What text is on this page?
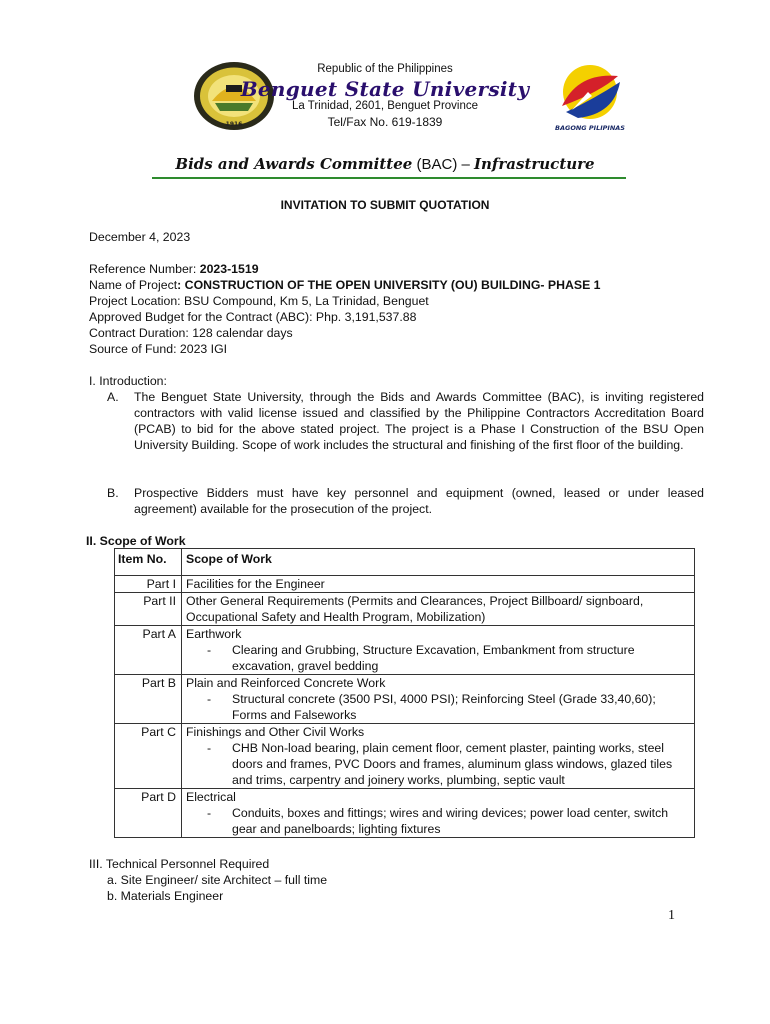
1916
Republic of the Philippines
Benguet State University
La Trinidad, 2601, Benguet Province
Tel/Fax No. 619-1839	BAGONG PILIPINAS
Bids and Awards Committee (BAC) – Infrastructure
INVITATION TO SUBMIT QUOTATION
December 4, 2023
Reference Number: 2023-1519
Name of Project: CONSTRUCTION OF THE OPEN UNIVERSITY (OU) BUILDING- PHASE 1
Project Location: BSU Compound, Km 5, La Trinidad, Benguet
Approved Budget for the Contract (ABC): Php. 3,191,537.88
Contract Duration: 128 calendar days
Source of Fund: 2023 IGI
I. Introduction:
A. The Benguet State University, through the Bids and Awards Committee (BAC), is inviting registered contractors with valid license issued and classified by the Philippine Contractors Accreditation Board (PCAB) to bid for the above stated project. The project is a Phase I Construction of the BSU Open University Building. Scope of work includes the structural and finishing of the first floor of the building.
B. Prospective Bidders must have key personnel and equipment (owned, leased or under leased agreement) available for the prosecution of the project.
II. Scope of Work
Item No.	Scope of Work
Part I	Facilities for the Engineer
Part II	Other General Requirements (Permits and Clearances, Project Billboard/ signboard, Occupational Safety and Health Program, Mobilization)
Part A	Earthwork
- Clearing and Grubbing, Structure Excavation, Embankment from structure excavation, gravel bedding

Part B	Plain and Reinforced Concrete Work
- Structural concrete (3500 PSI, 4000 PSI); Reinforcing Steel (Grade 33,40,60); Forms and Falseworks

Part C	Finishings and Other Civil Works
- CHB Non-load bearing, plain cement floor, cement plaster, painting works, steel doors and frames, PVC Doors and frames, aluminum glass windows, glazed tiles and trims, carpentry and joinery works, plumbing, septic vault

Part D	Electrical
- Conduits, boxes and fittings; wires and wiring devices; power load center, switch gear and panelboards; lighting fixtures
III. Technical Personnel Required
a. Site Engineer/ site Architect – full time
b. Materials Engineer
1
